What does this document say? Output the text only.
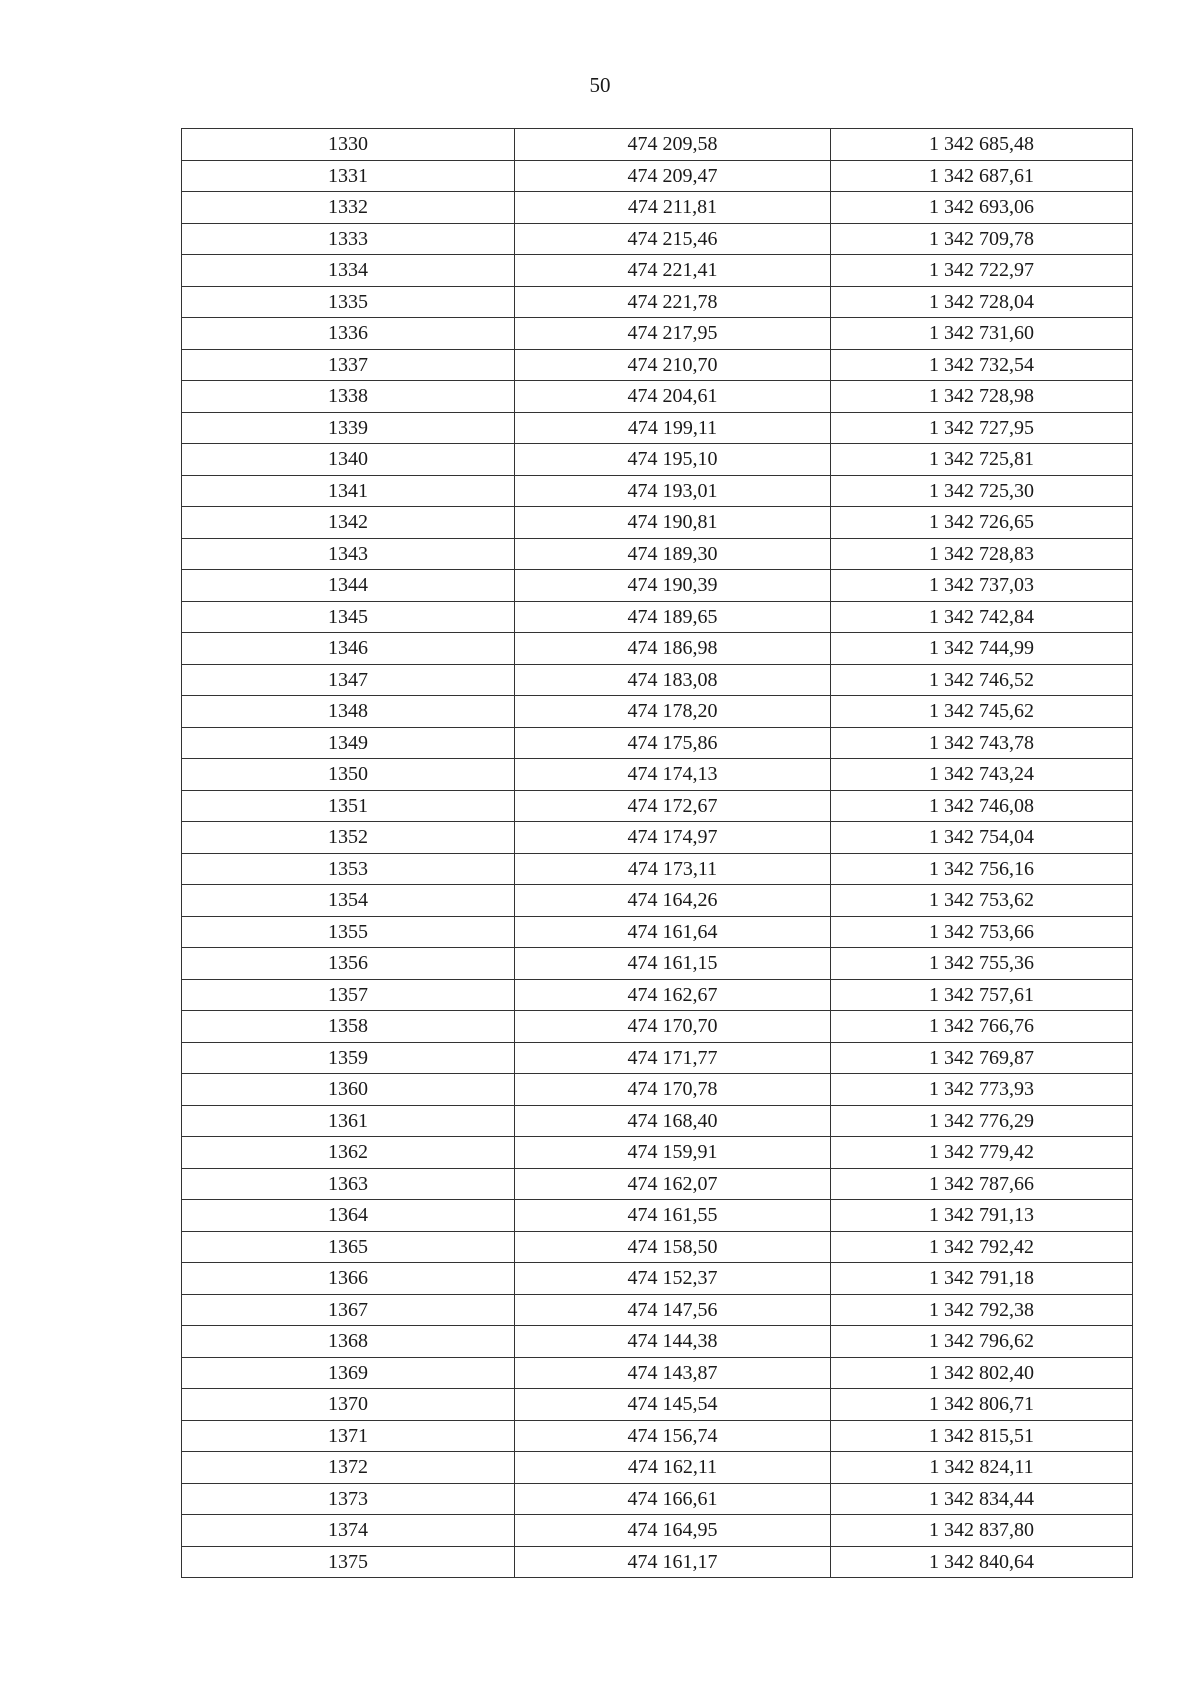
50
1330	474 209,58	1 342 685,48
1331	474 209,47	1 342 687,61
1332	474 211,81	1 342 693,06
1333	474 215,46	1 342 709,78
1334	474 221,41	1 342 722,97
1335	474 221,78	1 342 728,04
1336	474 217,95	1 342 731,60
1337	474 210,70	1 342 732,54
1338	474 204,61	1 342 728,98
1339	474 199,11	1 342 727,95
1340	474 195,10	1 342 725,81
1341	474 193,01	1 342 725,30
1342	474 190,81	1 342 726,65
1343	474 189,30	1 342 728,83
1344	474 190,39	1 342 737,03
1345	474 189,65	1 342 742,84
1346	474 186,98	1 342 744,99
1347	474 183,08	1 342 746,52
1348	474 178,20	1 342 745,62
1349	474 175,86	1 342 743,78
1350	474 174,13	1 342 743,24
1351	474 172,67	1 342 746,08
1352	474 174,97	1 342 754,04
1353	474 173,11	1 342 756,16
1354	474 164,26	1 342 753,62
1355	474 161,64	1 342 753,66
1356	474 161,15	1 342 755,36
1357	474 162,67	1 342 757,61
1358	474 170,70	1 342 766,76
1359	474 171,77	1 342 769,87
1360	474 170,78	1 342 773,93
1361	474 168,40	1 342 776,29
1362	474 159,91	1 342 779,42
1363	474 162,07	1 342 787,66
1364	474 161,55	1 342 791,13
1365	474 158,50	1 342 792,42
1366	474 152,37	1 342 791,18
1367	474 147,56	1 342 792,38
1368	474 144,38	1 342 796,62
1369	474 143,87	1 342 802,40
1370	474 145,54	1 342 806,71
1371	474 156,74	1 342 815,51
1372	474 162,11	1 342 824,11
1373	474 166,61	1 342 834,44
1374	474 164,95	1 342 837,80
1375	474 161,17	1 342 840,64
